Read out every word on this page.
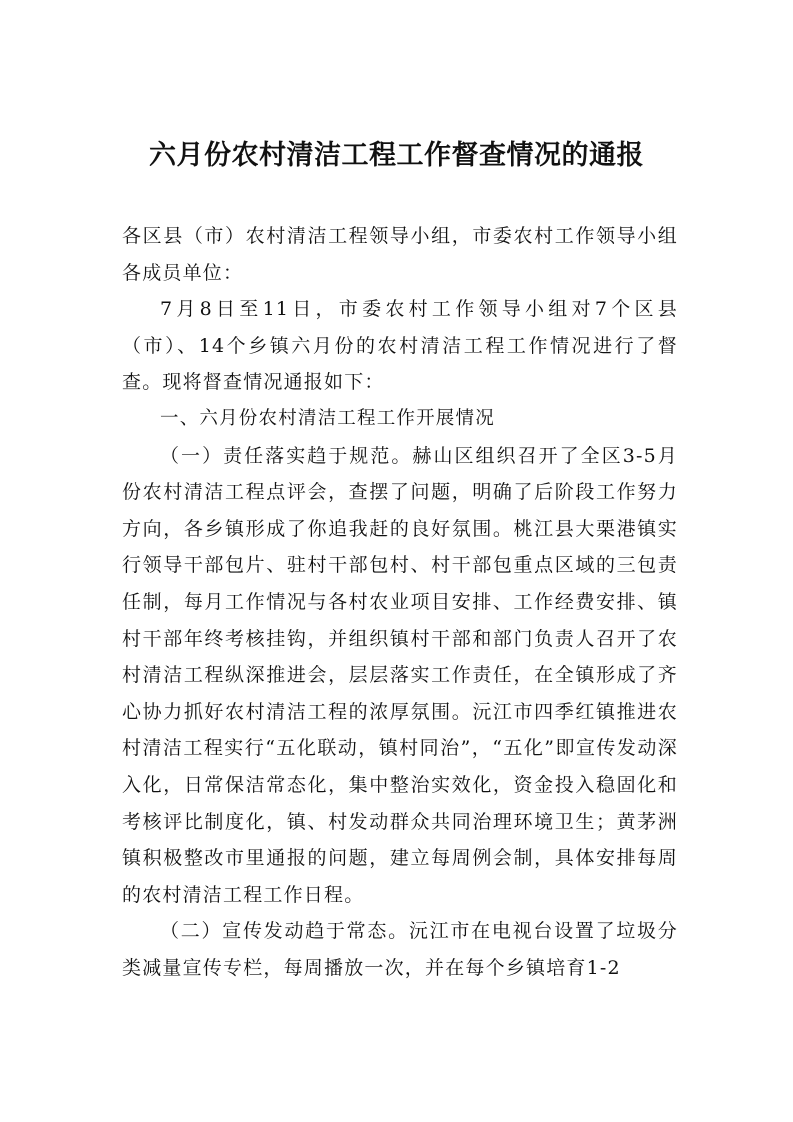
六月份农村清洁工程工作督查情况的通报

各区县（市）农村清洁工程领导小组，市委农村工作领导小组各成员单位：

7月8日至11日，市委农村工作领导小组对7个区县（市）、14个乡镇六月份的农村清洁工程工作情况进行了督查。现将督查情况通报如下：

一、六月份农村清洁工程工作开展情况

（一）责任落实趋于规范。赫山区组织召开了全区3-5月份农村清洁工程点评会，查摆了问题，明确了后阶段工作努力方向，各乡镇形成了你追我赶的良好氛围。桃江县大栗港镇实行领导干部包片、驻村干部包村、村干部包重点区域的三包责任制，每月工作情况与各村农业项目安排、工作经费安排、镇村干部年终考核挂钩，并组织镇村干部和部门负责人召开了农村清洁工程纵深推进会，层层落实工作责任，在全镇形成了齐心协力抓好农村清洁工程的浓厚氛围。沅江市四季红镇推进农村清洁工程实行“五化联动，镇村同治”，“五化”即宣传发动深入化，日常保洁常态化，集中整治实效化，资金投入稳固化和考核评比制度化，镇、村发动群众共同治理环境卫生；黄茅洲镇积极整改市里通报的问题，建立每周例会制，具体安排每周的农村清洁工程工作日程。

（二）宣传发动趋于常态。沅江市在电视台设置了垃圾分类减量宣传专栏，每周播放一次，并在每个乡镇培育1-2
